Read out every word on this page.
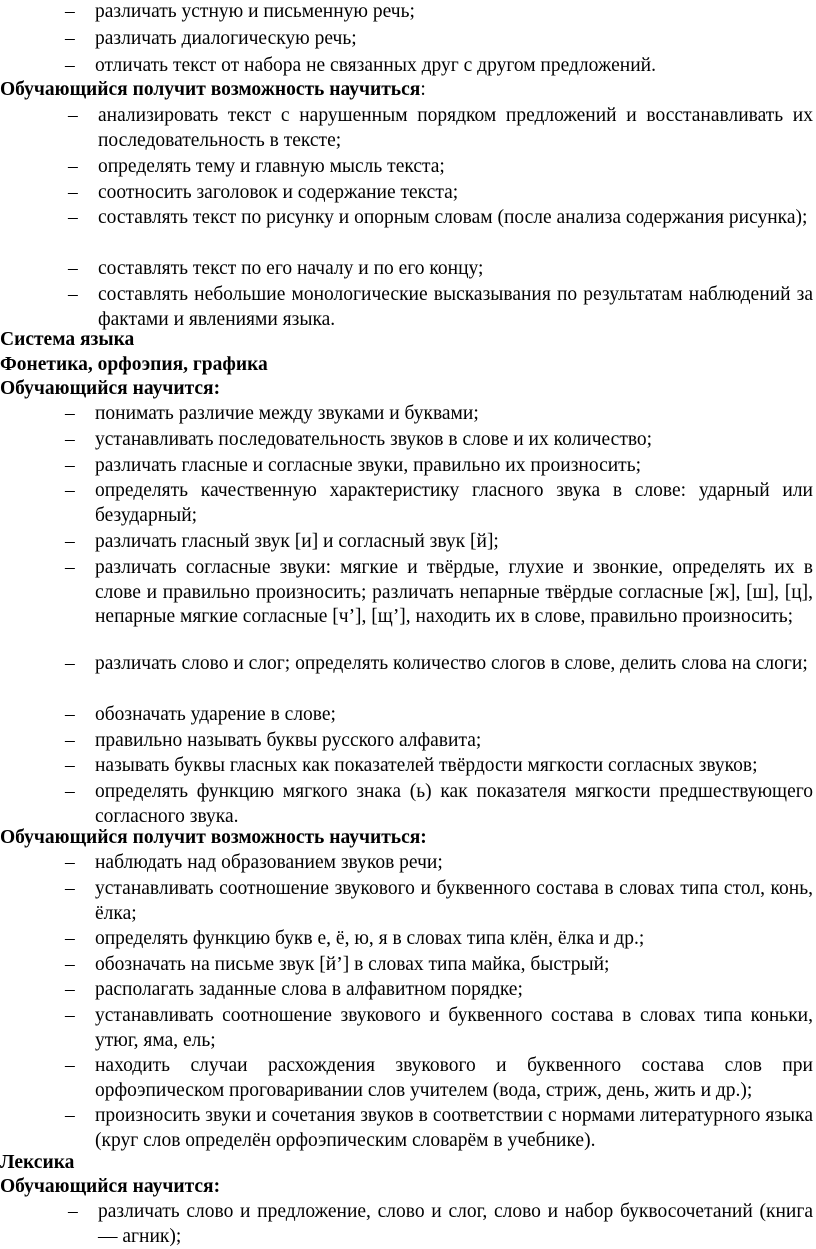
–	различать устную и письменную речь;
–	различать диалогическую речь;
–	отличать текст от набора не связанных друг с другом предложений.
Обучающийся получит возможность научиться:
–	анализировать текст с нарушенным порядком предложений и восстанавливать их последовательность в тексте;
–	определять тему и главную мысль текста;
–	соотносить заголовок и содержание текста;
–	составлять текст по рисунку и опорным словам (после анализа содержания рисунка);
–	составлять текст по его началу и по его концу;
–	составлять небольшие монологические высказывания по результатам наблюдений за фактами и явлениями языка.
Система языка
Фонетика, орфоэпия, графика
Обучающийся научится:
–	понимать различие между звуками и буквами;
–	устанавливать последовательность звуков в слове и их количество;
–	различать гласные и согласные звуки, правильно их произносить;
–	определять качественную характеристику гласного звука в слове: ударный или безударный;
–	различать гласный звук [и] и согласный звук [й];
–	различать согласные звуки: мягкие и твёрдые, глухие и звонкие, определять их в слове и правильно произносить; различать непарные твёрдые согласные [ж], [ш], [ц], непарные мягкие согласные [ч’], [щ’], находить их в слове, правильно произносить;
–	различать слово и слог; определять количество слогов в слове, делить слова на слоги;
–	обозначать ударение в слове;
–	правильно называть буквы русского алфавита;
–	называть буквы гласных как показателей твёрдости мягкости согласных звуков;
–	определять функцию мягкого знака (ь) как показателя мягкости предшествующего согласного звука.
Обучающийся получит возможность научиться:
–	наблюдать над образованием звуков речи;
–	устанавливать соотношение звукового и буквенного состава в словах типа стол, конь, ёлка;
–	определять функцию букв е, ё, ю, я в словах типа клён, ёлка и др.;
–	обозначать на письме звук [й’] в словах типа майка, быстрый;
–	располагать заданные слова в алфавитном порядке;
–	устанавливать соотношение звукового и буквенного состава в словах типа коньки, утюг, яма, ель;
–	находить случаи расхождения звукового и буквенного состава слов при орфоэпическом проговаривании слов учителем (вода, стриж, день, жить и др.);
–	произносить звуки и сочетания звуков в соответствии с нормами литературного языка (круг слов определён орфоэпическим словарём в учебнике).
Лексика
Обучающийся научится:
–	различать слово и предложение, слово и слог, слово и набор буквосочетаний (книга — агник);
